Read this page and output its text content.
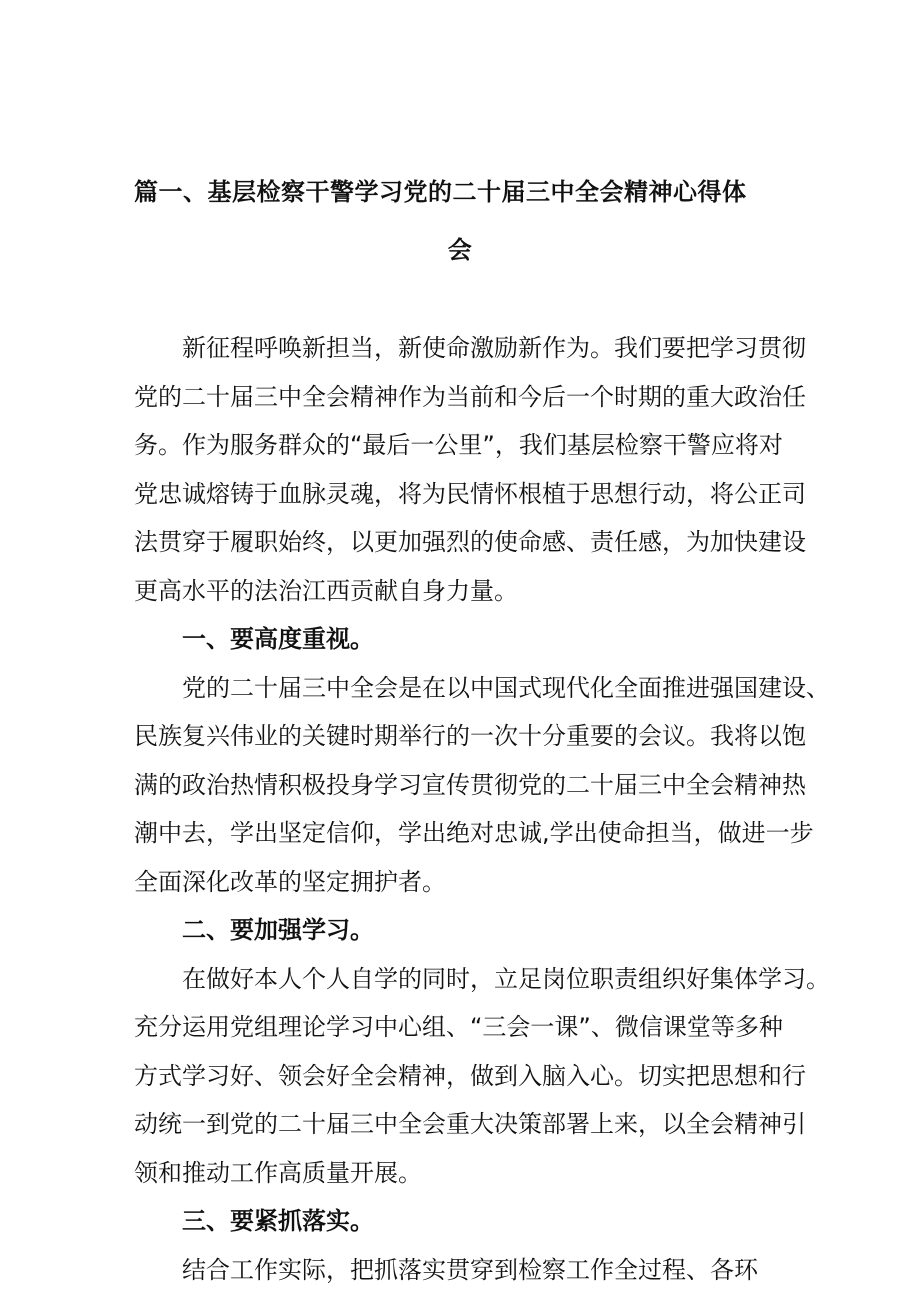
篇一、基层检察干警学习党的二十届三中全会精神心得体
会
新征程呼唤新担当，新使命激励新作为。我们要把学习贯彻
党的二十届三中全会精神作为当前和今后一个时期的重大政治任
务。作为服务群众的“最后一公里”，我们基层检察干警应将对
党忠诚熔铸于血脉灵魂，将为民情怀根植于思想行动，将公正司
法贯穿于履职始终，以更加强烈的使命感、责任感，为加快建设
更高水平的法治江西贡献自身力量。
一、要高度重视。
党的二十届三中全会是在以中国式现代化全面推进强国建设、
民族复兴伟业的关键时期举行的一次十分重要的会议。我将以饱
满的政治热情积极投身学习宣传贯彻党的二十届三中全会精神热
潮中去，学出坚定信仰，学出绝对忠诚,学出使命担当，做进一步
全面深化改革的坚定拥护者。
二、要加强学习。
在做好本人个人自学的同时，立足岗位职责组织好集体学习。
充分运用党组理论学习中心组、“三会一课”、微信课堂等多种
方式学习好、领会好全会精神，做到入脑入心。切实把思想和行
动统一到党的二十届三中全会重大决策部署上来，以全会精神引
领和推动工作高质量开展。
三、要紧抓落实。
结合工作实际，把抓落实贯穿到检察工作全过程、各环
